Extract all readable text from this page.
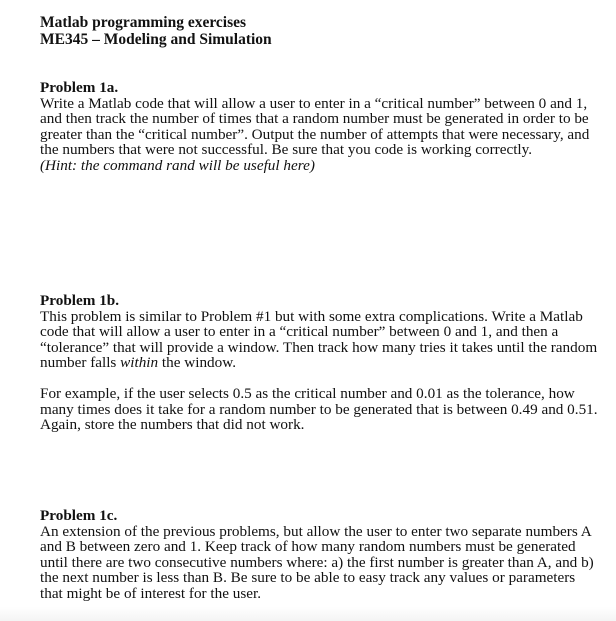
Matlab programming exercises
ME345 – Modeling and Simulation
Problem 1a.

Write a Matlab code that will allow a user to enter in a “critical number” between 0 and 1, and then track the number of times that a random number must be generated in order to be greater than the “critical number”. Output the number of attempts that were necessary, and the numbers that were not successful. Be sure that you code is working correctly.
(Hint: the command rand will be useful here)

Problem 1b.

This problem is similar to Problem #1 but with some extra complications. Write a Matlab code that will allow a user to enter in a “critical number” between 0 and 1, and then a “tolerance” that will provide a window. Then track how many tries it takes until the random number falls within the window.

For example, if the user selects 0.5 as the critical number and 0.01 as the tolerance, how many times does it take for a random number to be generated that is between 0.49 and 0.51. Again, store the numbers that did not work.

Problem 1c.

An extension of the previous problems, but allow the user to enter two separate numbers A and B between zero and 1. Keep track of how many random numbers must be generated until there are two consecutive numbers where: a) the first number is greater than A, and b) the next number is less than B. Be sure to be able to easy track any values or parameters that might be of interest for the user.
